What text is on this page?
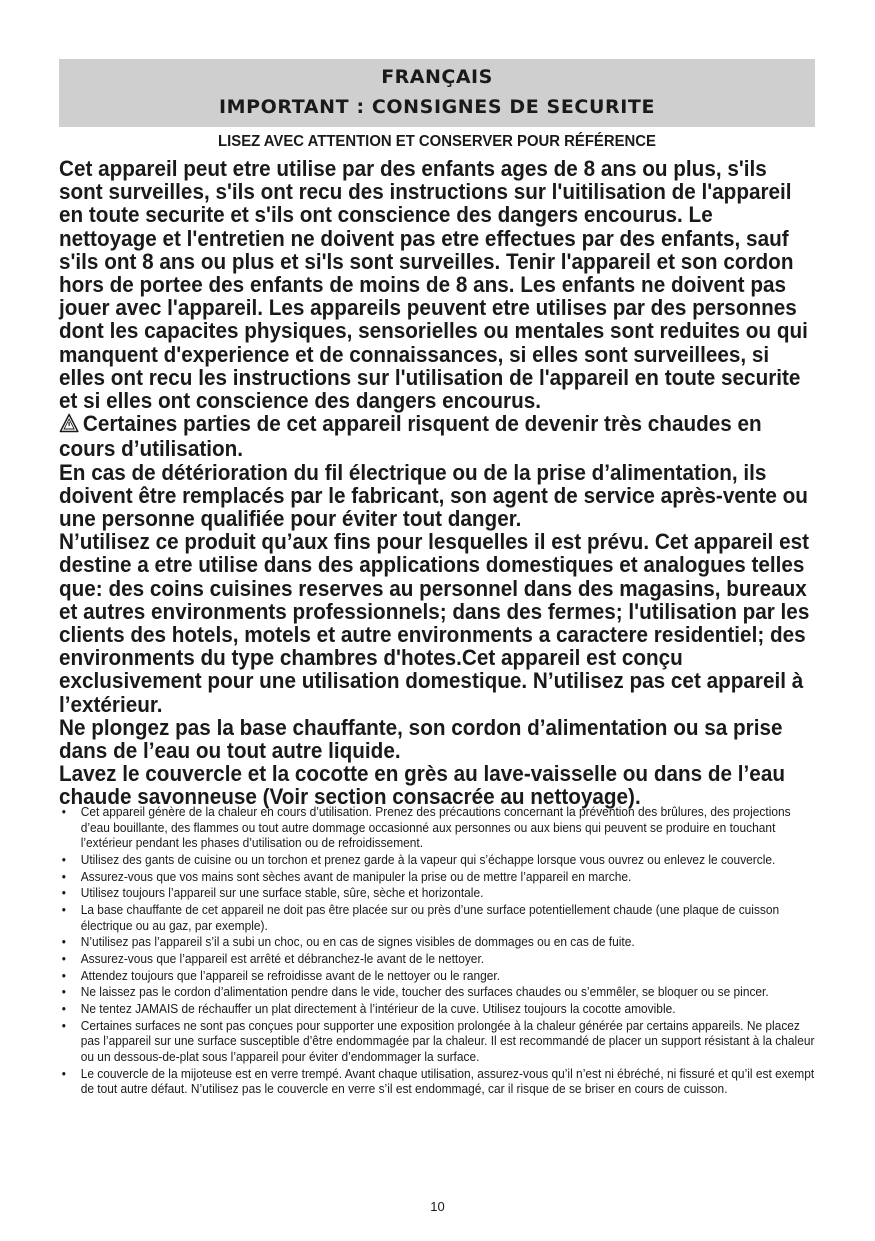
FRANÇAIS
IMPORTANT : CONSIGNES DE SECURITE
LISEZ AVEC ATTENTION ET CONSERVER POUR RÉFÉRENCE

Cet appareil peut etre utilise par des enfants ages de 8 ans ou plus, s'ils sont surveilles, s'ils ont recu des instructions sur l'uitilisation de l'appareil en toute securite et s'ils ont conscience des dangers encourus. Le nettoyage et l'entretien ne doivent pas etre effectues par des enfants, sauf s'ils ont 8 ans ou plus et si'ls sont surveilles. Tenir l'appareil et son cordon hors de portee des enfants de moins de 8 ans. Les enfants ne doivent pas jouer avec l'appareil. Les appareils peuvent etre utilises par des personnes dont les capacites physiques, sensorielles ou mentales sont reduites ou qui manquent d'experience et de connaissances, si elles sont surveillees, si elles ont recu les instructions sur l'utilisation de l'appareil en toute securite et si elles ont conscience des dangers encourus.

Certaines parties de cet appareil risquent de devenir très chaudes en cours d’utilisation.

En cas de détérioration du fil électrique ou de la prise d’alimentation, ils doivent être remplacés par le fabricant, son agent de service après-vente ou une personne qualifiée pour éviter tout danger.

N’utilisez ce produit qu’aux fins pour lesquelles il est prévu. Cet appareil est destine a etre utilise dans des applications domestiques et analogues telles que: des coins cuisines reserves au personnel dans des magasins, bureaux et autres environments professionnels; dans des fermes; l'utilisation par les clients des hotels, motels et autre environments a caractere residentiel; des environments du type chambres d'hotes.Cet appareil est conçu exclusivement pour une utilisation domestique. N’utilisez pas cet appareil à l’extérieur.

Ne plongez pas la base chauffante, son cordon d’alimentation ou sa prise dans de l’eau ou tout autre liquide.

Lavez le couvercle et la cocotte en grès au lave-vaisselle ou dans de l’eau chaude savonneuse (Voir section consacrée au nettoyage).

• Cet appareil génère de la chaleur en cours d’utilisation. Prenez des précautions concernant la prévention des brûlures, des projections d’eau bouillante, des flammes ou tout autre dommage occasionné aux personnes ou aux biens qui peuvent se produire en touchant l’extérieur pendant les phases d’utilisation ou de refroidissement.
• Utilisez des gants de cuisine ou un torchon et prenez garde à la vapeur qui s’échappe lorsque vous ouvrez ou enlevez le couvercle.
• Assurez-vous que vos mains sont sèches avant de manipuler la prise ou de mettre l’appareil en marche.
• Utilisez toujours l’appareil sur une surface stable, sûre, sèche et horizontale.
• La base chauffante de cet appareil ne doit pas être placée sur ou près d’une surface potentiellement chaude (une plaque de cuisson électrique ou au gaz, par exemple).
• N’utilisez pas l’appareil s’il a subi un choc, ou en cas de signes visibles de dommages ou en cas de fuite.
• Assurez-vous que l’appareil est arrêté et débranchez-le avant de le nettoyer.
• Attendez toujours que l’appareil se refroidisse avant de le nettoyer ou le ranger.
• Ne laissez pas le cordon d’alimentation pendre dans le vide, toucher des surfaces chaudes ou s’emmêler, se bloquer ou se pincer.
• Ne tentez JAMAIS de réchauffer un plat directement à l’intérieur de la cuve. Utilisez toujours la cocotte amovible.
• Certaines surfaces ne sont pas conçues pour supporter une exposition prolongée à la chaleur générée par certains appareils. Ne placez pas l’appareil sur une surface susceptible d’être endommagée par la chaleur. Il est recommandé de placer un support résistant à la chaleur ou un dessous-de-plat sous l’appareil pour éviter d’endommager la surface.
• Le couvercle de la mijoteuse est en verre trempé. Avant chaque utilisation, assurez-vous qu’il n’est ni ébréché, ni fissuré et qu’il est exempt de tout autre défaut. N’utilisez pas le couvercle en verre s’il est endommagé, car il risque de se briser en cours de cuisson.
10
